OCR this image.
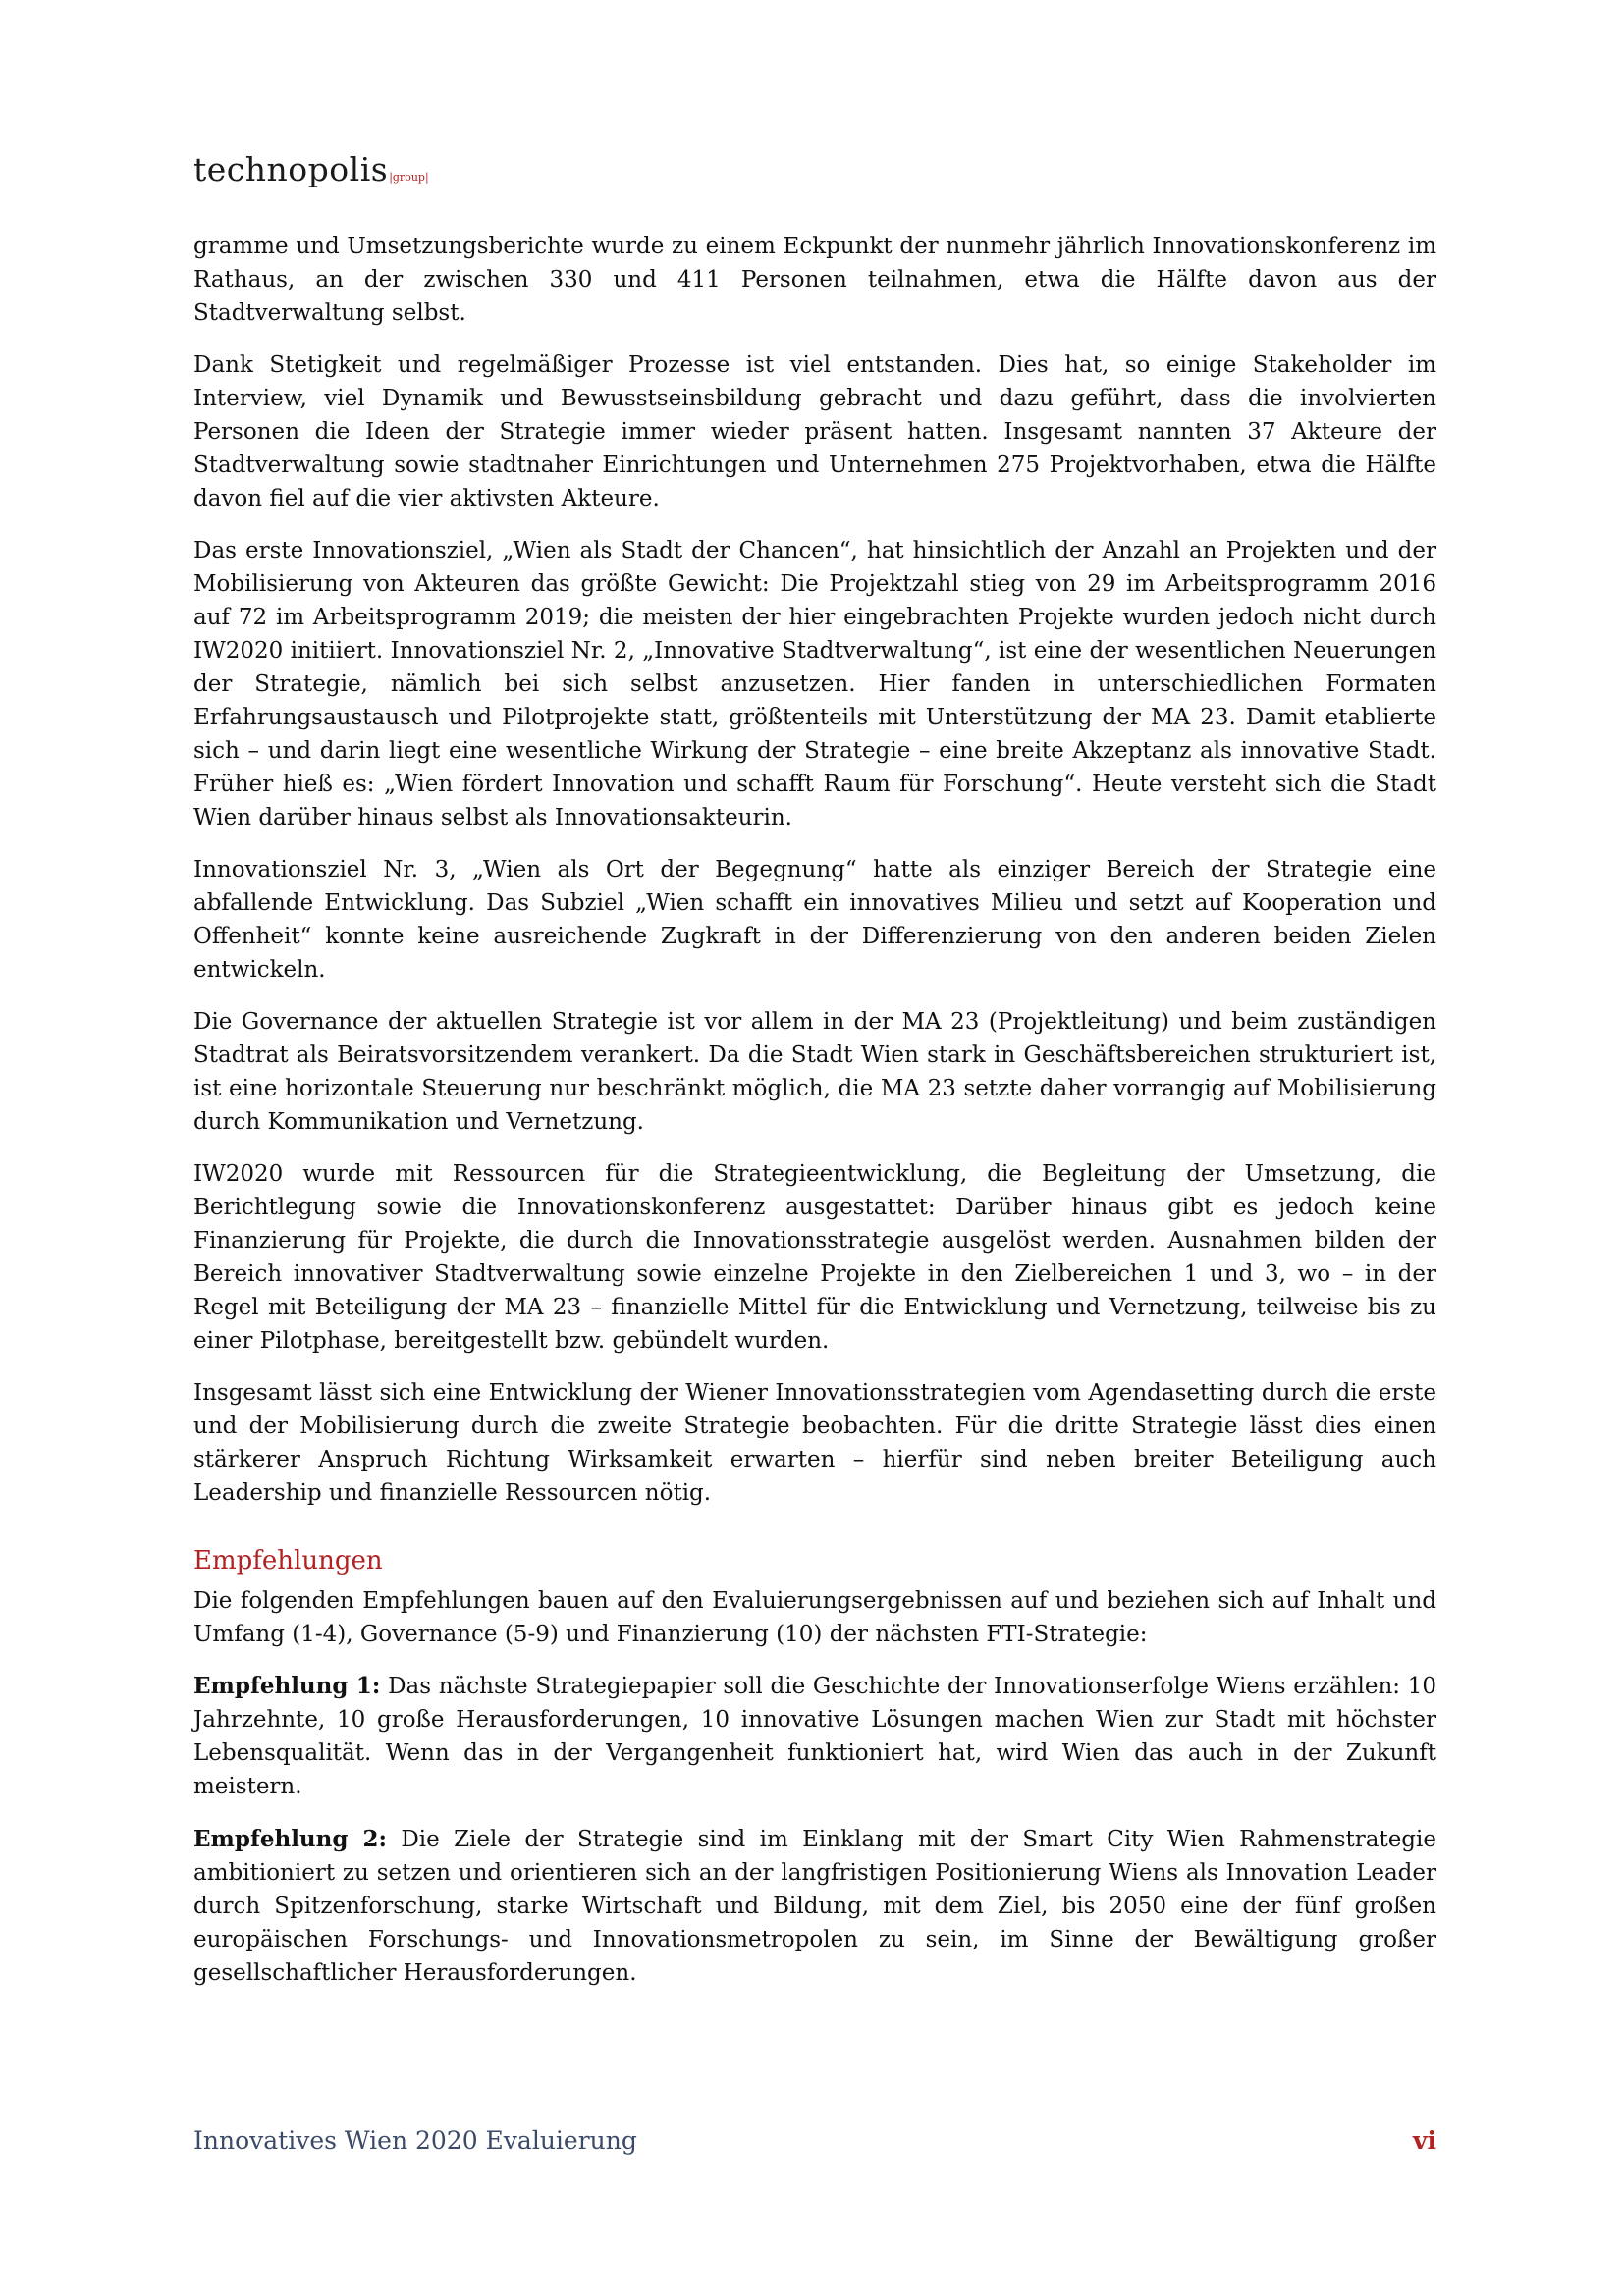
technopolis|group|

gramme und Umsetzungsberichte wurde zu einem Eckpunkt der nunmehr jährlich Innovationskonferenz im Rathaus, an der zwischen 330 und 411 Personen teilnahmen, etwa die Hälfte davon aus der Stadtverwaltung selbst.

Dank Stetigkeit und regelmäßiger Prozesse ist viel entstanden. Dies hat, so einige Stakeholder im Interview, viel Dynamik und Bewusstseinsbildung gebracht und dazu geführt, dass die involvierten Personen die Ideen der Strategie immer wieder präsent hatten. Insgesamt nannten 37 Akteure der Stadtverwaltung sowie stadtnaher Einrichtungen und Unternehmen 275 Projektvorhaben, etwa die Hälfte davon fiel auf die vier aktivsten Akteure.

Das erste Innovationsziel, „Wien als Stadt der Chancen“, hat hinsichtlich der Anzahl an Projekten und der Mobilisierung von Akteuren das größte Gewicht: Die Projektzahl stieg von 29 im Arbeitsprogramm 2016 auf 72 im Arbeitsprogramm 2019; die meisten der hier eingebrachten Projekte wurden jedoch nicht durch IW2020 initiiert. Innovationsziel Nr. 2, „Innovative Stadtverwaltung“, ist eine der wesentlichen Neuerungen der Strategie, nämlich bei sich selbst anzusetzen. Hier fanden in unterschiedlichen Formaten Erfahrungsaustausch und Pilotprojekte statt, größtenteils mit Unterstützung der MA 23. Damit etablierte sich – und darin liegt eine wesentliche Wirkung der Strategie – eine breite Akzeptanz als innovative Stadt. Früher hieß es: „Wien fördert Innovation und schafft Raum für Forschung“. Heute versteht sich die Stadt Wien darüber hinaus selbst als Innovationsakteurin.

Innovationsziel Nr. 3, „Wien als Ort der Begegnung“ hatte als einziger Bereich der Strategie eine abfallende Entwicklung. Das Subziel „Wien schafft ein innovatives Milieu und setzt auf Kooperation und Offenheit“ konnte keine ausreichende Zugkraft in der Differenzierung von den anderen beiden Zielen entwickeln.

Die Governance der aktuellen Strategie ist vor allem in der MA 23 (Projektleitung) und beim zuständigen Stadtrat als Beiratsvorsitzendem verankert. Da die Stadt Wien stark in Geschäftsbereichen strukturiert ist, ist eine horizontale Steuerung nur beschränkt möglich, die MA 23 setzte daher vorrangig auf Mobilisierung durch Kommunikation und Vernetzung.

IW2020 wurde mit Ressourcen für die Strategieentwicklung, die Begleitung der Umsetzung, die Berichtlegung sowie die Innovationskonferenz ausgestattet: Darüber hinaus gibt es jedoch keine Finanzierung für Projekte, die durch die Innovationsstrategie ausgelöst werden. Ausnahmen bilden der Bereich innovativer Stadtverwaltung sowie einzelne Projekte in den Zielbereichen 1 und 3, wo – in der Regel mit Beteiligung der MA 23 – finanzielle Mittel für die Entwicklung und Vernetzung, teilweise bis zu einer Pilotphase, bereitgestellt bzw. gebündelt wurden.

Insgesamt lässt sich eine Entwicklung der Wiener Innovationsstrategien vom Agendasetting durch die erste und der Mobilisierung durch die zweite Strategie beobachten. Für die dritte Strategie lässt dies einen stärkerer Anspruch Richtung Wirksamkeit erwarten – hierfür sind neben breiter Beteiligung auch Leadership und finanzielle Ressourcen nötig.

Empfehlungen

Die folgenden Empfehlungen bauen auf den Evaluierungsergebnissen auf und beziehen sich auf Inhalt und Umfang (1-4), Governance (5-9) und Finanzierung (10) der nächsten FTI-Strategie:

Empfehlung 1: Das nächste Strategiepapier soll die Geschichte der Innovationserfolge Wiens erzählen: 10 Jahrzehnte, 10 große Herausforderungen, 10 innovative Lösungen machen Wien zur Stadt mit höchster Lebensqualität. Wenn das in der Vergangenheit funktioniert hat, wird Wien das auch in der Zukunft meistern.

Empfehlung 2: Die Ziele der Strategie sind im Einklang mit der Smart City Wien Rahmenstrategie ambitioniert zu setzen und orientieren sich an der langfristigen Positionierung Wiens als Innovation Leader durch Spitzenforschung, starke Wirtschaft und Bildung, mit dem Ziel, bis 2050 eine der fünf großen europäischen Forschungs- und Innovationsmetropolen zu sein, im Sinne der Bewältigung großer gesellschaftlicher Herausforderungen.

Innovatives Wien 2020 Evaluierung	vi
